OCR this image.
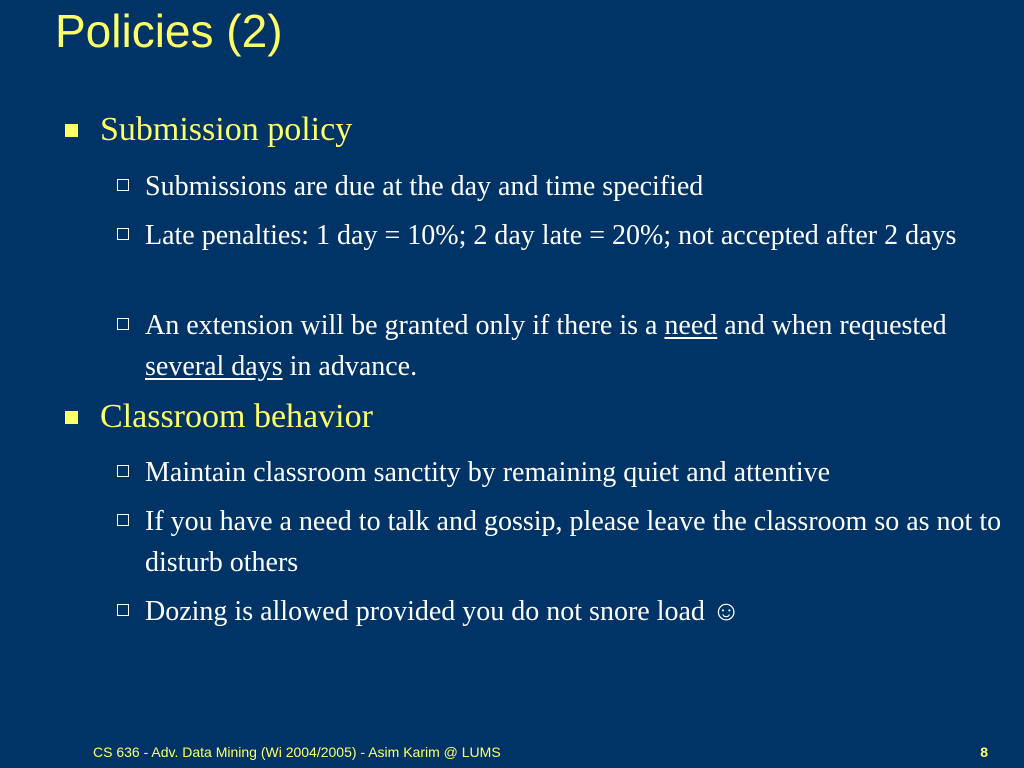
Policies (2)
Submission policy
Submissions are due at the day and time specified
Late penalties: 1 day = 10%; 2 day late = 20%; not accepted after 2 days
An extension will be granted only if there is a need and when requested several days in advance.
Classroom behavior
Maintain classroom sanctity by remaining quiet and attentive
If you have a need to talk and gossip, please leave the classroom so as not to disturb others
Dozing is allowed provided you do not snore load ☺
CS 636 - Adv. Data Mining (Wi 2004/2005) - Asim Karim @ LUMS	8
